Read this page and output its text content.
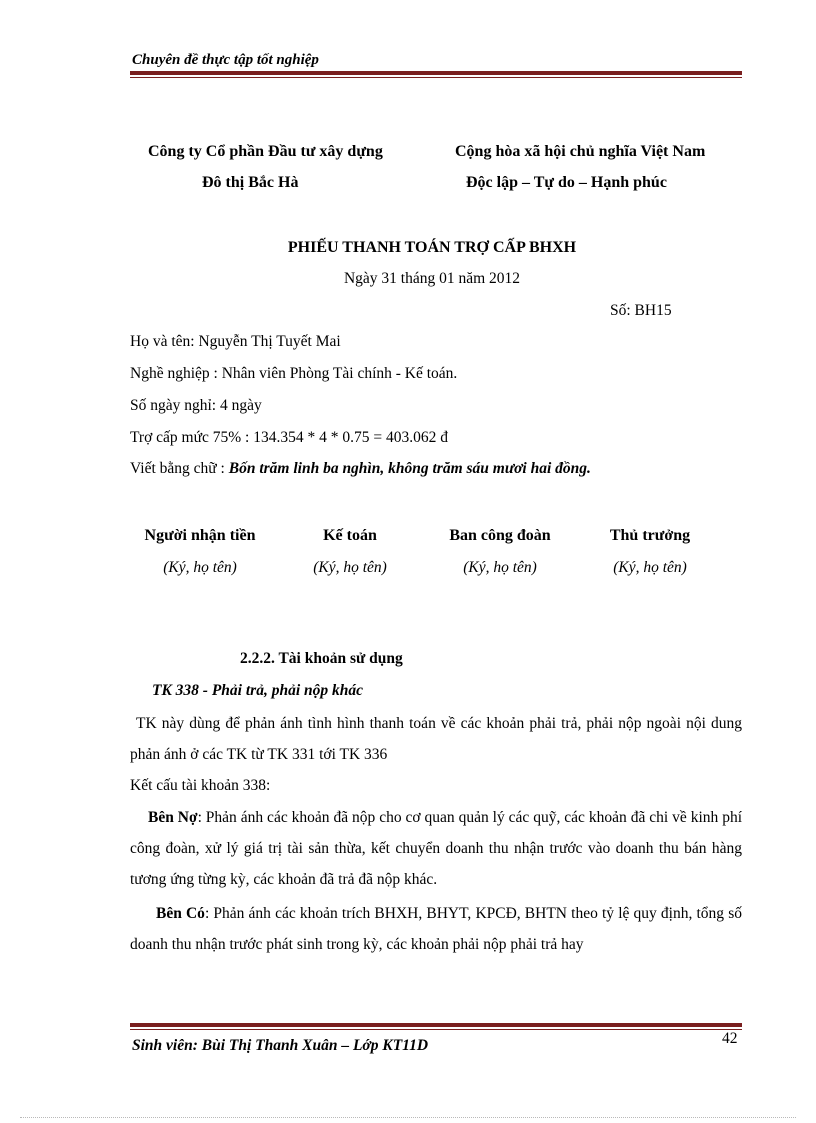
Chuyên đề thực tập tốt nghiệp
Công ty Cổ phần Đầu tư xây dựng
Đô thị Bắc Hà
Cộng hòa xã hội chủ nghĩa Việt Nam
Độc lập – Tự do – Hạnh phúc
PHIẾU THANH TOÁN TRỢ CẤP BHXH
Ngày 31 tháng 01 năm 2012
Số: BH15
Họ và tên: Nguyễn Thị Tuyết Mai
Nghề nghiệp : Nhân viên Phòng Tài chính - Kế toán.
Số ngày nghỉ: 4 ngày
Trợ cấp mức 75% : 134.354 * 4 * 0.75 = 403.062 đ
Viết bằng chữ : Bốn trăm linh ba nghìn, không trăm sáu mươi hai đồng.
Người nhận tiền	Kế toán	Ban công đoàn	Thủ trưởng
(Ký, họ tên)	(Ký, họ tên)	(Ký, họ tên)	(Ký, họ tên)
2.2.2. Tài khoản sử dụng
TK 338 - Phải trả, phải nộp khác
TK này dùng để phản ánh tình hình thanh toán về các khoản phải trả, phải nộp ngoài nội dung phản ánh ở các TK từ TK 331 tới TK 336
Kết cấu tài khoản 338:
Bên Nợ: Phản ánh các khoản đã nộp cho cơ quan quản lý các quỹ, các khoản đã chi về kinh phí công đoàn, xử lý giá trị tài sản thừa, kết chuyển doanh thu nhận trước vào doanh thu bán hàng tương ứng từng kỳ, các khoản đã trả đã nộp khác.
Bên Có: Phản ánh các khoản trích BHXH, BHYT, KPCĐ, BHTN theo tỷ lệ quy định, tổng số doanh thu nhận trước phát sinh trong kỳ, các khoản phải nộp phải trả hay
Sinh viên: Bùi Thị Thanh Xuân – Lớp KT11D	42
